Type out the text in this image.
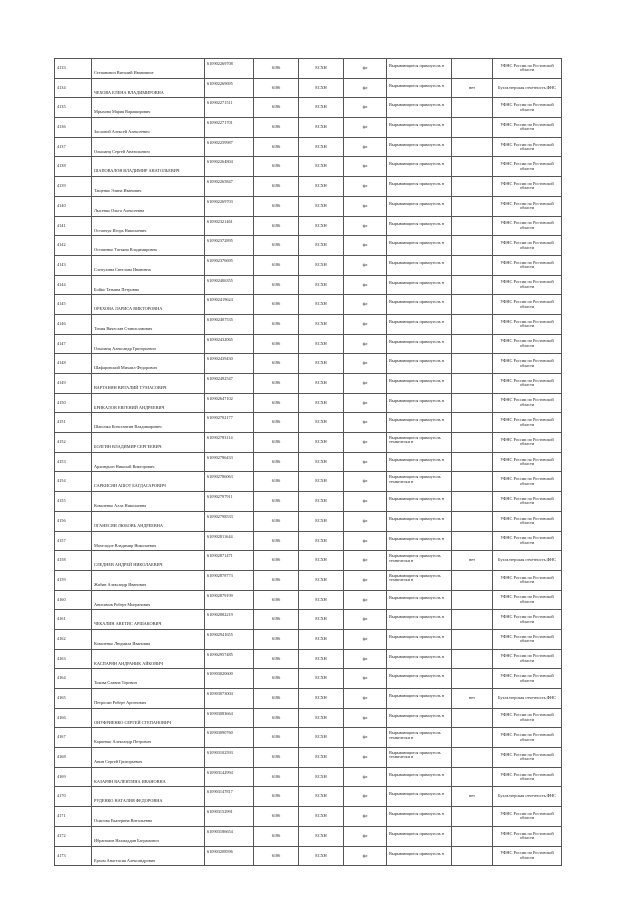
4133	Степанович Виталий Ивановиче	610902269708	6186	ЕСХН	фл	Вырывающиеся прямоуголь н		УФНС России по Ростовской области
4134	ЧЕХОВА ЕЛЕНА ВЛАДИМИРОВНА	610902269695	6186	ЕСХН	фл	Вырывающиеся прямоуголь н	нет	Бухгалтерская отчетность,ФНС
4135	Мрыхова Мария Вараширович	610902271511	6186	ЕСХН	фл	Вырывающиеся прямоуголь н		УФНС России по Ростовской области
4136	Засловой Алексей Алексеевич	610902271701	6186	ЕСХН	фл	Вырывающиеся прямоуголь н		УФНС России по Ростовской области
4137	Ольшанц Сергей Анатольевич	610902259987	6186	ЕСХН	фл	Вырывающиеся прямоуголь н		УФНС России по Ростовской области
4138	ШАПОВАЛОВ ВЛАДИМИР АНАТОЛЬЕВИЧ	610902264804	6186	ЕСХН	фл	Вырывающиеся прямоуголь н		УФНС России по Ростовской области
4139	Тащенко Элина Иванович	610902265847	6186	ЕСХН	фл	Вырывающиеся прямоуголь н		УФНС России по Ростовской области
4140	Лысенко Ольга Алексеевна	610902269703	6186	ЕСХН	фл	Вырывающиеся прямоуголь н		УФНС России по Ростовской области
4141	Остапчук Игорь Николаевич	610902321461	6186	ЕСХН	фл	Вырывающиеся прямоуголь н		УФНС России по Ростовской области
4142	Остапенко Татьяна Владимировна	610902372895	6186	ЕСХН	фл	Вырывающиеся прямоуголь н		УФНС России по Ростовской области
4143	Слепухина Светлана Ивановна	610902376695	6186	ЕСХН	фл	Вырывающиеся прямоуголь н		УФНС России по Ростовской области
4144	Бойко Татьяна Петровна	610902406355	6186	ЕСХН	фл	Вырывающиеся прямоуголь н		УФНС России по Ростовской области
4145	ОРЕХОВА ЛАРИСА ВИКТОРОВНА	610902419624	6186	ЕСХН	фл	Вырывающиеся прямоуголь н		УФНС России по Ростовской области
4146	Тихия Вячеслав Станиславович	610902407535	6186	ЕСХН	фл	Вырывающиеся прямоуголь н		УФНС России по Ростовской области
4147	Ольшанц Александр Григорьевич	610902432065	6186	ЕСХН	фл	Вырывающиеся прямоуголь н		УФНС России по Ростовской области
4148	Шафаровский Михаил Федорович	610902439430	6186	ЕСХН	фл	Вырывающиеся прямоуголь н		УФНС России по Ростовской области
4149	ВАРТАНЯН ВИТАЛИЙ ТУМАСОВИЧ	610902492547	6186	ЕСХН	фл	Вырывающиеся прямоуголь н		УФНС России по Ростовской области
4150	БРИКАЛОВ ЕВГЕНИЙ АНДРЕЕВИЧ	610902647102	6186	ЕСХН	фл	Вырывающиеся прямоуголь н		УФНС России по Ростовской области
4151	Шапочка Константин Владимирович	610902702177	6186	ЕСХН	фл	Вырывающиеся прямоуголь н		УФНС России по Ростовской области
4152	БОЛГИН ВЛАДИМИР СЕРГЕЕВИЧ	610902783114	6186	ЕСХН	фл	Вырывающиеся прямоуголь технически н		УФНС России по Ростовской области
4153	Архиндьон Николай Викторович	610902786433	6186	ЕСХН	фл	Вырывающиеся прямоуголь н		УФНС России по Ростовской области
4154	САРКИСЯН АШОТ БАГДАСАРОВИЧ	610902786063	6186	ЕСХН	фл	Вырывающиеся прямоуголь технически н		УФНС России по Ростовской области
4155	Коваленко Алла Николаевна	610902797911	6186	ЕСХН	фл	Вырывающиеся прямоуголь н		УФНС России по Ростовской области
4156	ОГАНЕСЯН ЛЮБОВЬ АНДРЕЕВНА	610902798533	6186	ЕСХН	фл	Вырывающиеся прямоуголь н		УФНС России по Ростовской области
4157	Мохеладзе Владимир Николаевич	610902811644	6186	ЕСХН	фл	Вырывающиеся прямоуголь н		УФНС России по Ростовской области
4158	СЛЕДНЕВ АНДРЕЙ НИКОЛАЕВИЧ	610902871471	6186	ЕСХН	фл	Вырывающиеся прямоуголь технически н	нет	Бухгалтерская отчетность,ФНС
4159	Жабин Александр Иванович	610902878773	6186	ЕСХН	фл	Вырывающиеся прямоуголь технически н		УФНС России по Ростовской области
4160	Анисимов Роберт Мигранович	610902879199	6186	ЕСХН	фл	Вырывающиеся прямоуголь н		УФНС России по Ростовской области
4161	ЧЕКАЛИН АВЕТИС АРШАКОВИЧ	610902882219	6186	ЕСХН	фл	Вырывающиеся прямоуголь н		УФНС России по Ростовской области
4162	Коваленко Людмила Ивановна	610902941655	6186	ЕСХН	фл	Вырывающиеся прямоуголь н		УФНС России по Ростовской области
4163	КАСПАРЯН АНДРАНИК АЙКОВИЧ	610902957485	6186	ЕСХН	фл	Вырывающиеся прямоуголь н		УФНС России по Ростовской области
4164	Токова Славна Торович	610903020600	6186	ЕСХН	фл	Вырывающиеся прямоуголь н		УФНС России по Ростовской области
4165	Петросян Роберт Арсенович	610903073004	6186	ЕСХН	фл	Вырывающиеся прямоуголь н	нет	Бухгалтерская отчетность,ФНС
4166	ОНУФРИЕНКО СЕРГЕЙ СТЕПАНОВИЧ	610903083664	6186	ЕСХН	фл	Вырывающиеся прямоуголь н		УФНС России по Ростовской области
4167	Карпенко Александр Петрович	610903090760	6186	ЕСХН	фл	Вырывающиеся прямоуголь технически н		УФНС России по Ростовской области
4168	Анин Сергей Григорьевич	610903102593	6186	ЕСХН	фл	Вырывающиеся прямоуголь технически н		УФНС России по Ростовской области
4169	КАЗАРЯН ВАЛЕНТИНА ИВАНОВНА	610903142994	6186	ЕСХН	фл	Вырывающиеся прямоуголь н		УФНС России по Ростовской области
4170	РУДЕНКО НАТАЛИЯ ФЕДОРОВНА	610903147817	6186	ЕСХН	фл	Вырывающиеся прямоуголь н	нет	Бухгалтерская отчетность,ФНС
4171	Осипова Екатерина Витальевна	610903152991	6186	ЕСХН	фл	Вырывающиеся прямоуголь н		УФНС России по Ростовской области
4172	Ибрагимов Нахмаддин Баграмович	610903186654	6186	ЕСХН	фл	Вырывающиеся прямоуголь н		УФНС России по Ростовской области
4173	Ерхом Анастасия Александрович	610903208596	6186	ЕСХН	фл	Вырывающиеся прямоуголь н		УФНС России по Ростовской области
